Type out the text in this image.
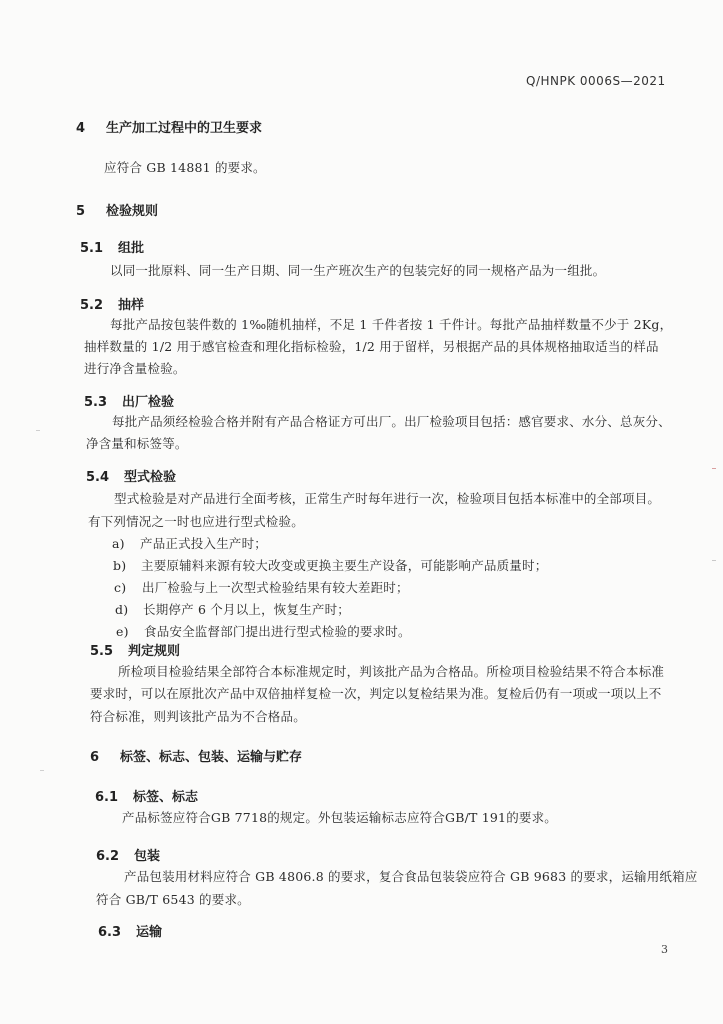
Q/HNPK 0006S—2021
4 生产加工过程中的卫生要求
应符合 GB 14881 的要求。
5 检验规则
5.1 组批
以同一批原料、同一生产日期、同一生产班次生产的包装完好的同一规格产品为一组批。
5.2 抽样
每批产品按包装件数的 1‰随机抽样，不足 1 千件者按 1 千件计。每批产品抽样数量不少于 2Kg，
抽样数量的 1/2 用于感官检查和理化指标检验，1/2 用于留样，另根据产品的具体规格抽取适当的样品
进行净含量检验。
5.3 出厂检验
每批产品须经检验合格并附有产品合格证方可出厂。出厂检验项目包括：感官要求、水分、总灰分、
净含量和标签等。
5.4 型式检验
型式检验是对产品进行全面考核，正常生产时每年进行一次，检验项目包括本标准中的全部项目。
有下列情况之一时也应进行型式检验。
a) 产品正式投入生产时；
b) 主要原辅料来源有较大改变或更换主要生产设备，可能影响产品质量时；
c) 出厂检验与上一次型式检验结果有较大差距时；
d) 长期停产 6 个月以上，恢复生产时；
e) 食品安全监督部门提出进行型式检验的要求时。
5.5 判定规则
所检项目检验结果全部符合本标准规定时，判该批产品为合格品。所检项目检验结果不符合本标准
要求时，可以在原批次产品中双倍抽样复检一次，判定以复检结果为准。复检后仍有一项或一项以上不
符合标准，则判该批产品为不合格品。
6 标签、标志、包装、运输与贮存
6.1 标签、标志
产品标签应符合GB 7718的规定。外包装运输标志应符合GB/T 191的要求。
6.2 包装
产品包装用材料应符合 GB 4806.8 的要求，复合食品包装袋应符合 GB 9683 的要求，运输用纸箱应
符合 GB/T 6543 的要求。
6.3 运输
3
